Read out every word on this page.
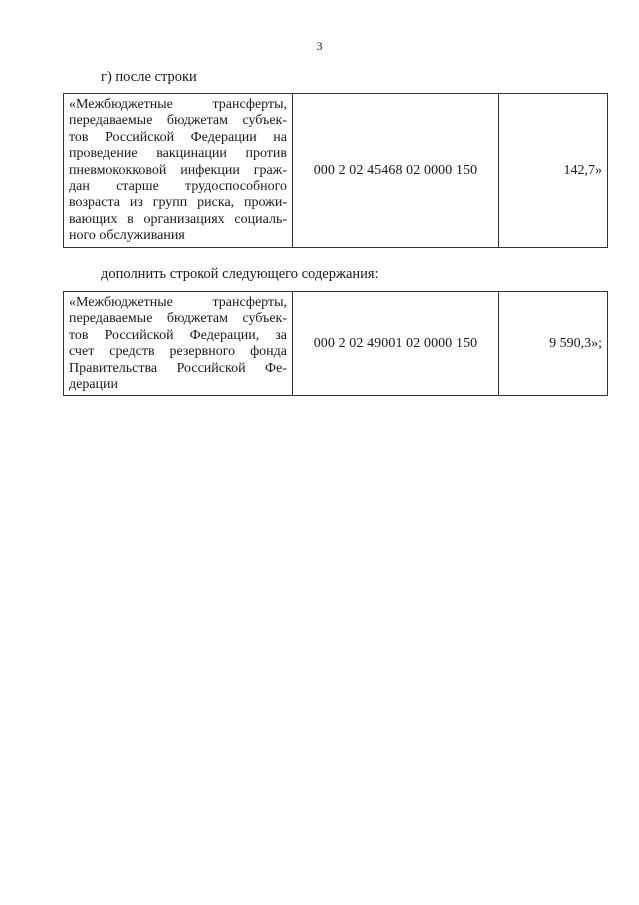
3
г) после строки
«Межбюджетные трансферты,
передаваемые бюджетам субъек-
тов Российской Федерации на
проведение вакцинации против
пневмококковой инфекции граж-
дан старше трудоспособного
возраста из групп риска, прожи-
вающих в организациях социаль-
ного обслуживания
	000 2 02 45468 02 0000 150	142,7»
дополнить строкой следующего содержания:
«Межбюджетные трансферты,
передаваемые бюджетам субъек-
тов Российской Федерации, за
счет средств резервного фонда
Правительства Российской Фе-
дерации
	000 2 02 49001 02 0000 150	9 590,3»;
